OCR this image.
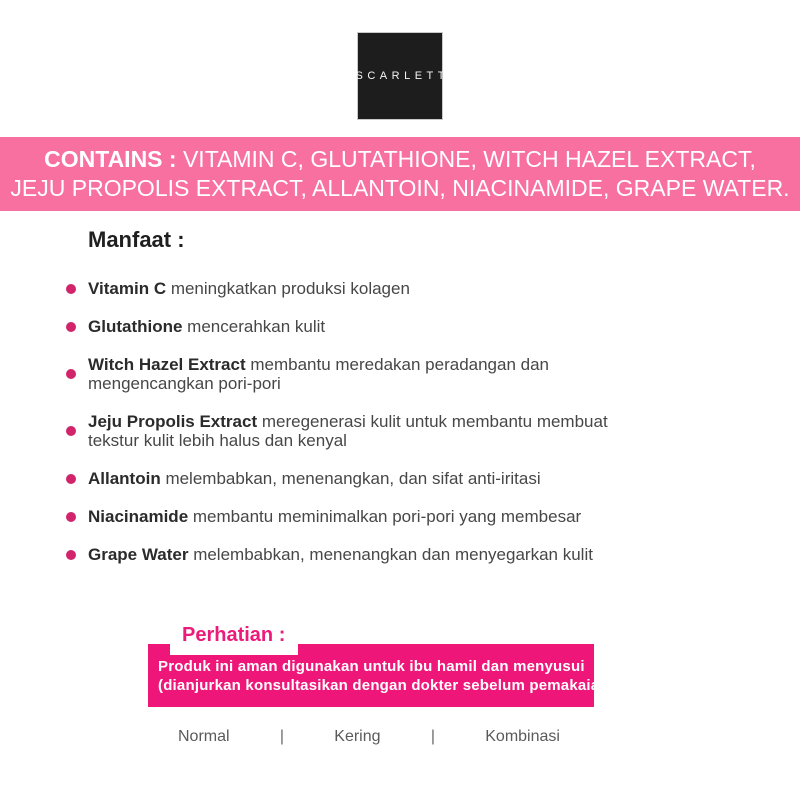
SCARLETT
CONTAINS : VITAMIN C, GLUTATHIONE, WITCH HAZEL EXTRACT,
JEJU PROPOLIS EXTRACT, ALLANTOIN, NIACINAMIDE, GRAPE WATER.
Manfaat :
Vitamin C meningkatkan produksi kolagen
Glutathione mencerahkan kulit
Witch Hazel Extract membantu meredakan peradangan dan mengencangkan pori-pori
Jeju Propolis Extract meregenerasi kulit untuk membantu membuat tekstur kulit lebih halus dan kenyal
Allantoin melembabkan, menenangkan, dan sifat anti-iritasi
Niacinamide membantu meminimalkan pori-pori yang membesar
Grape Water melembabkan, menenangkan dan menyegarkan kulit
Perhatian :
Produk ini aman digunakan untuk ibu hamil dan menyusui
(dianjurkan konsultasikan dengan dokter sebelum pemakaian).
Normal	|	Kering	|	Kombinasi
